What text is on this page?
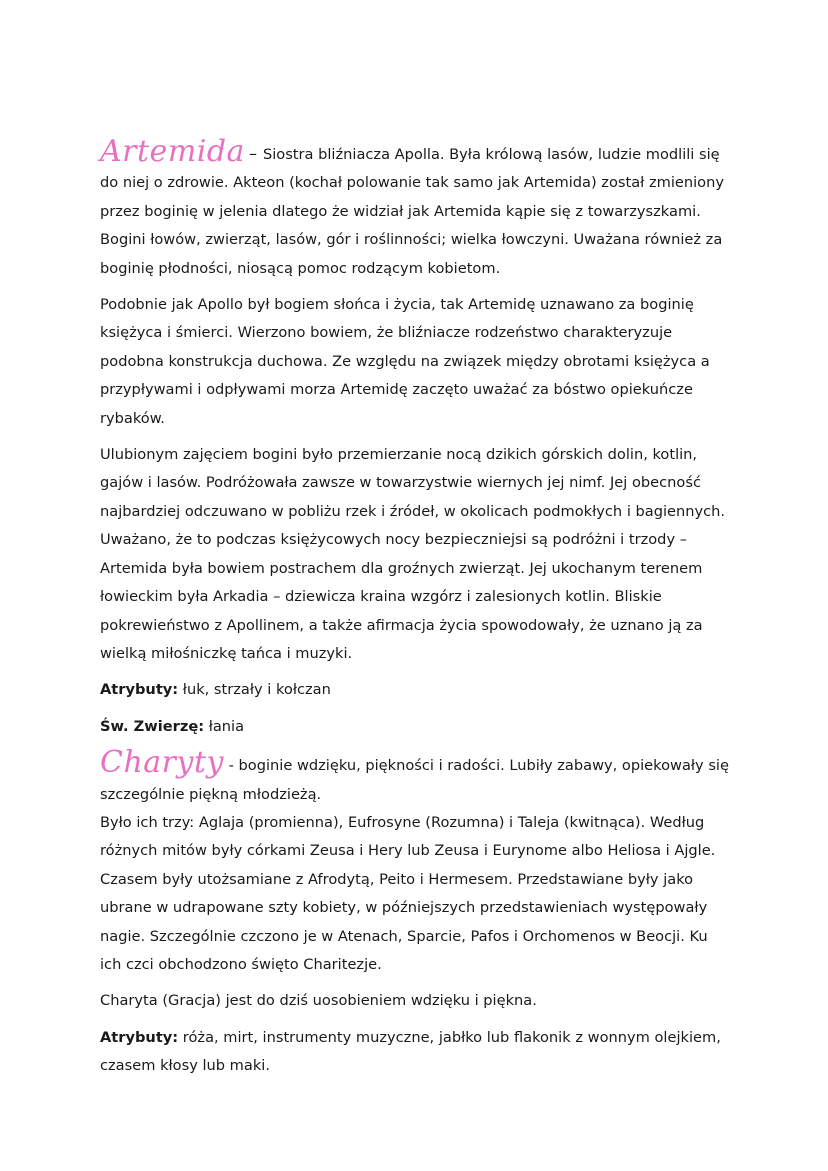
Artemida – Siostra bliźniacza Apolla. Była królową lasów, ludzie modlili się do niej o zdrowie. Akteon (kochał polowanie tak samo jak Artemida) został zmieniony przez boginię w jelenia dlatego że widział jak Artemida kąpie się z towarzyszkami. Bogini łowów, zwierząt, lasów, gór i roślinności; wielka łowczyni. Uważana również za boginię płodności, niosącą pomoc rodzącym kobietom.

Podobnie jak Apollo był bogiem słońca i życia, tak Artemidę uznawano za boginię księżyca i śmierci. Wierzono bowiem, że bliźniacze rodzeństwo charakteryzuje podobna konstrukcja duchowa. Ze względu na związek między obrotami księżyca a przypływami i odpływami morza Artemidę zaczęto uważać za bóstwo opiekuńcze rybaków.

Ulubionym zajęciem bogini było przemierzanie nocą dzikich górskich dolin, kotlin, gajów i lasów. Podróżowała zawsze w towarzystwie wiernych jej nimf. Jej obecność najbardziej odczuwano w pobliżu rzek i źródeł, w okolicach podmokłych i bagiennych. Uważano, że to podczas księżycowych nocy bezpieczniejsi są podróżni i trzody – Artemida była bowiem postrachem dla groźnych zwierząt. Jej ukochanym terenem łowieckim była Arkadia – dziewicza kraina wzgórz i zalesionych kotlin. Bliskie pokrewieństwo z Apollinem, a także afirmacja życia spowodowały, że uznano ją za wielką miłośniczkę tańca i muzyki.

Atrybuty: łuk, strzały i kołczan

Św. Zwierzę: łania

Charyty - boginie wdzięku, piękności i radości. Lubiły zabawy, opiekowały się szczególnie piękną młodzieżą.

Było ich trzy: Aglaja (promienna), Eufrosyne (Rozumna) i Taleja (kwitnąca). Według różnych mitów były córkami Zeusa i Hery lub Zeusa i Eurynome albo Heliosa i Ajgle. Czasem były utożsamiane z Afrodytą, Peito i Hermesem. Przedstawiane były jako ubrane w udrapowane szty kobiety, w późniejszych przedstawieniach występowały nagie. Szczególnie czczono je w Atenach, Sparcie, Pafos i Orchomenos w Beocji. Ku ich czci obchodzono święto Charitezje.

Charyta (Gracja) jest do dziś uosobieniem wdzięku i piękna.

Atrybuty: róża, mirt, instrumenty muzyczne, jabłko lub flakonik z wonnym olejkiem, czasem kłosy lub maki.
